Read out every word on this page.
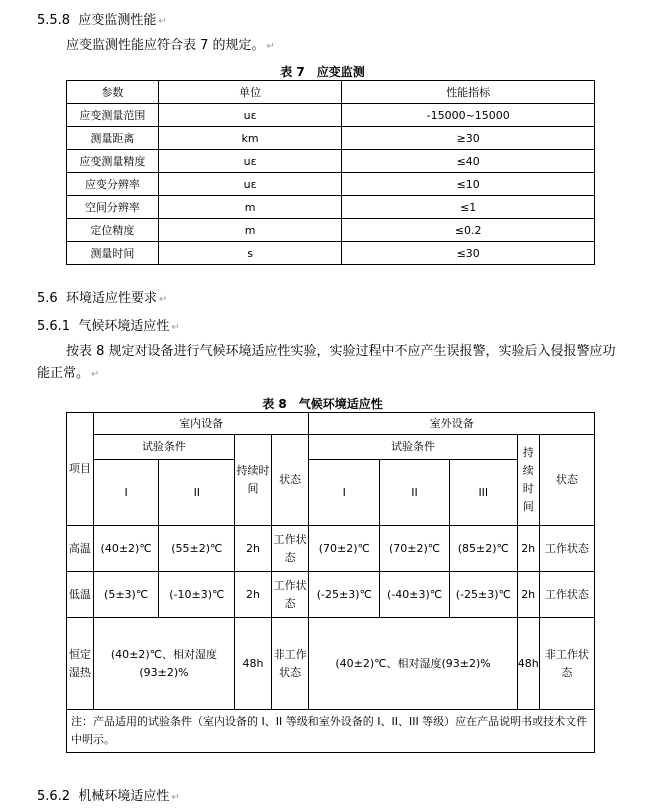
5.5.8 应变监测性能 ↵
应变监测性能应符合表 7 的规定。 ↵
表 7　应变监测
参数	单位	性能指标
应变测量范围	uε	-15000~15000
测量距离	km	≥30
应变测量精度	uε	≤40
应变分辨率	uε	≤10
空间分辨率	m	≤1
定位精度	m	≤0.2
测量时间	s	≤30
5.6 环境适应性要求 ↵
5.6.1 气候环境适应性 ↵
按表 8 规定对设备进行气候环境适应性实验，实验过程中不应产生误报警，实验后入侵报警应功能正常。 ↵
表 8　气候环境适应性
项目	室内设备				室外设备				
	试验条件		持续时间	状态	试验条件			持续时间	状态
	I	II			I	II	III		
高温	(40±2)℃	(55±2)℃	2h	工作状态	(70±2)℃	(70±2)℃	(85±2)℃	2h	工作状态
低温	(5±3)℃	(-10±3)℃	2h	工作状态	(-25±3)℃	(-40±3)℃	(-25±3)℃	2h	工作状态
恒定湿热	(40±2)℃、相对湿度(93±2)%		48h	非工作状态	(40±2)℃、相对湿度(93±2)%			48h	非工作状态
注：产品适用的试验条件（室内设备的 I、II 等级和室外设备的 I、II、III 等级）应在产品说明书或技术文件中明示。									
5.6.2 机械环境适应性 ↵
